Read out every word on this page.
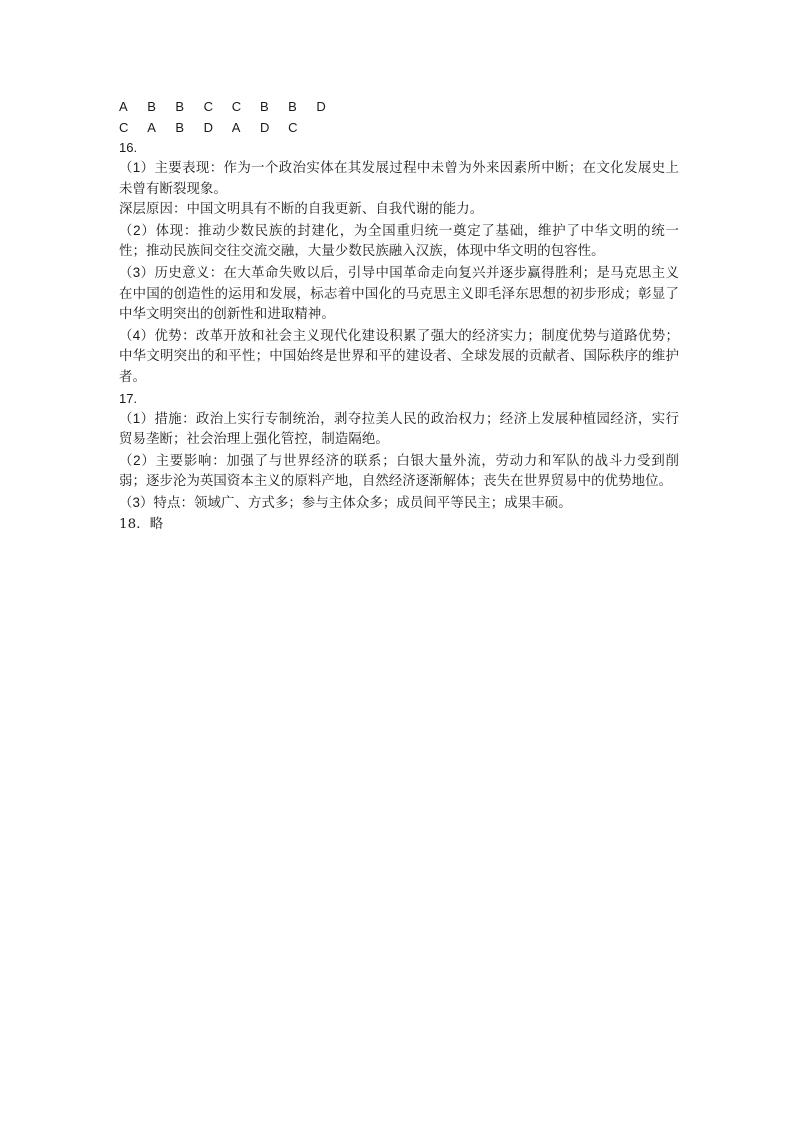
A B B C C B B D
C A B D A D C
16.
（1）主要表现：作为一个政治实体在其发展过程中未曾为外来因素所中断；在文化发展史上未曾有断裂现象。
深层原因：中国文明具有不断的自我更新、自我代谢的能力。
（2）体现：推动少数民族的封建化，为全国重归统一奠定了基础，维护了中华文明的统一性；推动民族间交往交流交融，大量少数民族融入汉族，体现中华文明的包容性。
（3）历史意义：在大革命失败以后，引导中国革命走向复兴并逐步赢得胜利；是马克思主义在中国的创造性的运用和发展，标志着中国化的马克思主义即毛泽东思想的初步形成；彰显了中华文明突出的创新性和进取精神。
（4）优势：改革开放和社会主义现代化建设积累了强大的经济实力；制度优势与道路优势；中华文明突出的和平性；中国始终是世界和平的建设者、全球发展的贡献者、国际秩序的维护者。
17.
（1）措施：政治上实行专制统治，剥夺拉美人民的政治权力；经济上发展种植园经济，实行贸易垄断；社会治理上强化管控，制造隔绝。
（2）主要影响：加强了与世界经济的联系；白银大量外流，劳动力和军队的战斗力受到削弱；逐步沦为英国资本主义的原料产地，自然经济逐渐解体；丧失在世界贸易中的优势地位。
（3）特点：领域广、方式多；参与主体众多；成员间平等民主；成果丰硕。
18．略
